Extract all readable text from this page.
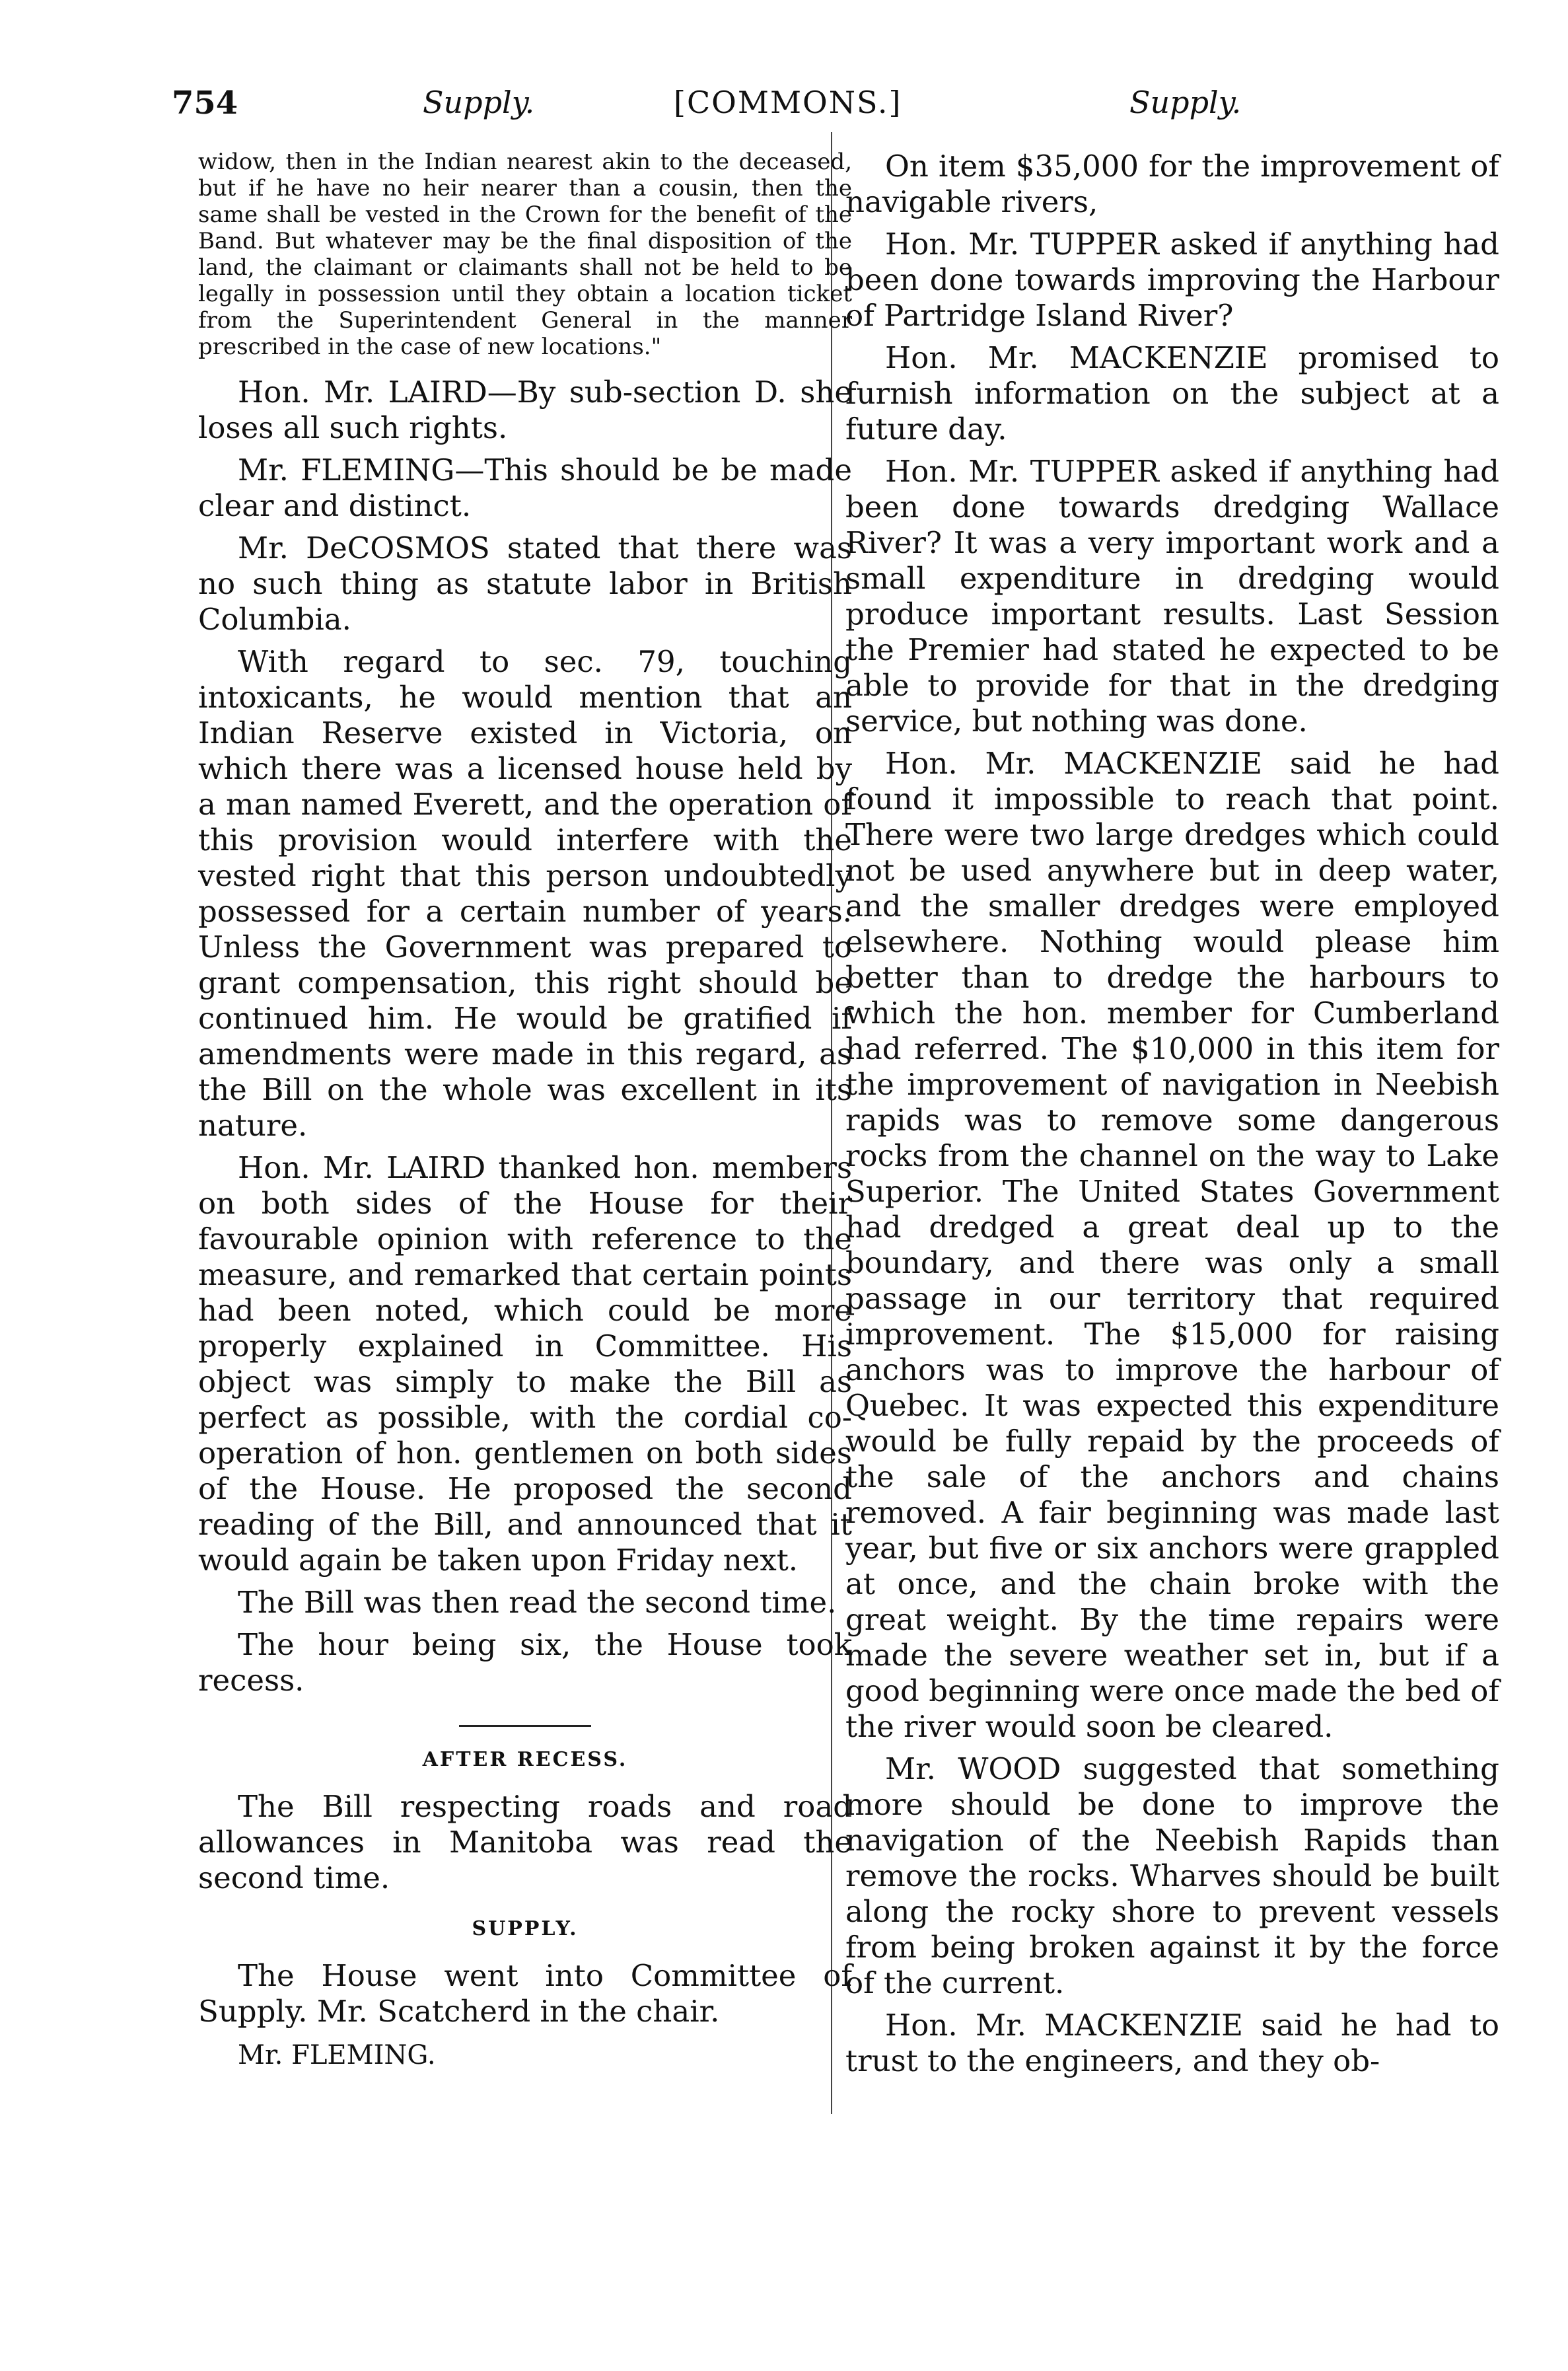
754	Supply.	[COMMONS.]	Supply.

widow, then in the Indian nearest akin to the deceased, but if he have no heir nearer than a cousin, then the same shall be vested in the Crown for the benefit of the Band. But whatever may be the final disposition of the land, the claimant or claimants shall not be held to be legally in possession until they obtain a location ticket from the Superintendent General in the manner prescribed in the case of new locations."

Hon. Mr. LAIRD—By sub-section D. she loses all such rights.

Mr. FLEMING—This should be be made clear and distinct.

Mr. DeCOSMOS stated that there was no such thing as statute labor in British Columbia.

With regard to sec. 79, touching intoxicants, he would mention that an Indian Reserve existed in Victoria, on which there was a licensed house held by a man named Everett, and the operation of this provision would interfere with the vested right that this person undoubtedly possessed for a certain number of years. Unless the Government was prepared to grant compensation, this right should be continued him. He would be gratified if amendments were made in this regard, as the Bill on the whole was excellent in its nature.

Hon. Mr. LAIRD thanked hon. members on both sides of the House for their favourable opinion with reference to the measure, and remarked that certain points had been noted, which could be more properly explained in Committee. His object was simply to make the Bill as perfect as possible, with the cordial co-operation of hon. gentlemen on both sides of the House. He proposed the second reading of the Bill, and announced that it would again be taken upon Friday next.

The Bill was then read the second time.

The hour being six, the House took recess.

AFTER RECESS.

The Bill respecting roads and road allowances in Manitoba was read the second time.

SUPPLY.

The House went into Committee of Supply. Mr. Scatcherd in the chair.

Mr. FLEMING.

On item $35,000 for the improvement of navigable rivers,

Hon. Mr. TUPPER asked if anything had been done towards improving the Harbour of Partridge Island River?

Hon. Mr. MACKENZIE promised to furnish information on the subject at a future day.

Hon. Mr. TUPPER asked if anything had been done towards dredging Wallace River? It was a very important work and a small expenditure in dredging would produce important results. Last Session the Premier had stated he expected to be able to provide for that in the dredging service, but nothing was done.

Hon. Mr. MACKENZIE said he had found it impossible to reach that point. There were two large dredges which could not be used anywhere but in deep water, and the smaller dredges were employed elsewhere. Nothing would please him better than to dredge the harbours to which the hon. member for Cumberland had referred. The $10,000 in this item for the improvement of navigation in Neebish rapids was to remove some dangerous rocks from the channel on the way to Lake Superior. The United States Government had dredged a great deal up to the boundary, and there was only a small passage in our territory that required improvement. The $15,000 for raising anchors was to improve the harbour of Quebec. It was expected this expenditure would be fully repaid by the proceeds of the sale of the anchors and chains removed. A fair beginning was made last year, but five or six anchors were grappled at once, and the chain broke with the great weight. By the time repairs were made the severe weather set in, but if a good beginning were once made the bed of the river would soon be cleared.

Mr. WOOD suggested that something more should be done to improve the navigation of the Neebish Rapids than remove the rocks. Wharves should be built along the rocky shore to prevent vessels from being broken against it by the force of the current.

Hon. Mr. MACKENZIE said he had to trust to the engineers, and they ob-
